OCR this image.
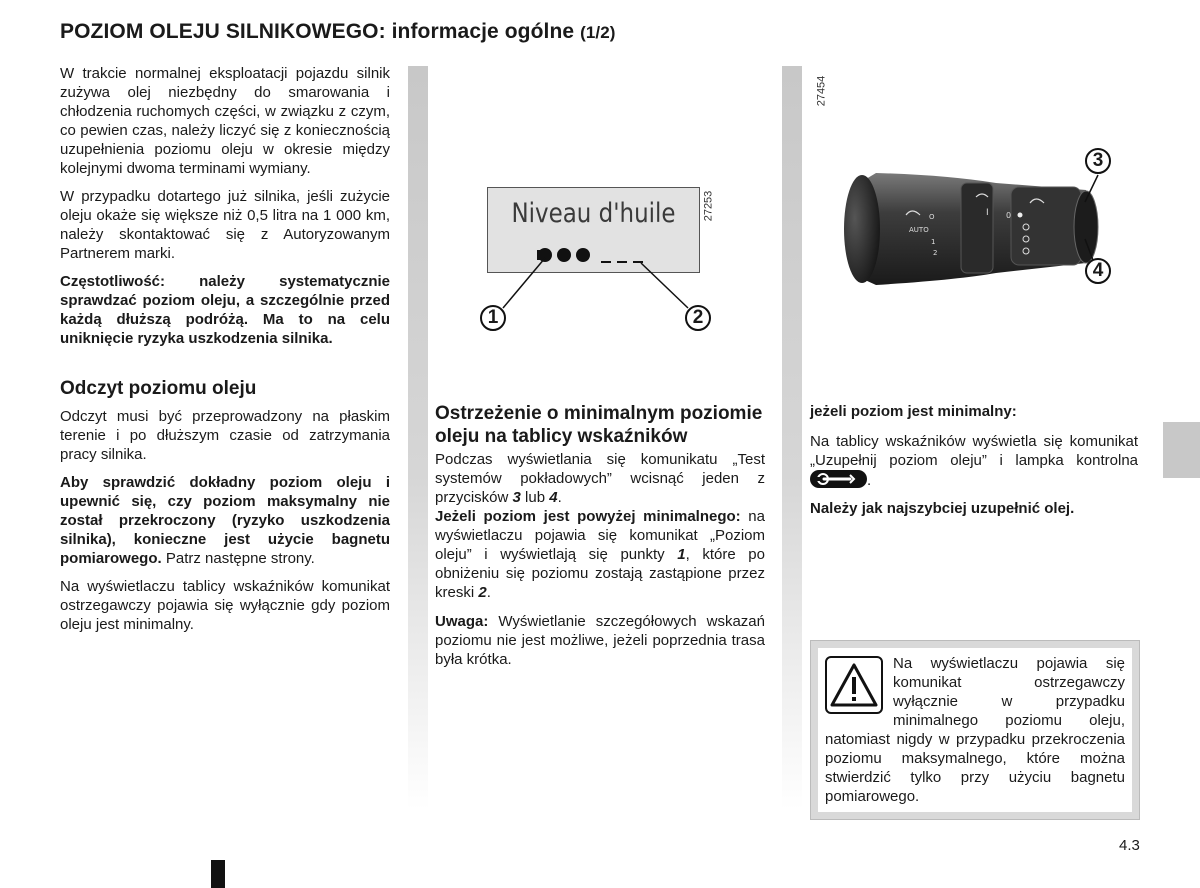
POZIOM OLEJU SILNIKOWEGO: informacje ogólne (1/2)

W trakcie normalnej eksploatacji pojazdu silnik zużywa olej niezbędny do smarowania i chłodzenia ruchomych części, w związku z czym, co pewien czas, należy liczyć się z koniecznością uzupełnienia poziomu oleju w okresie między kolejnymi dwoma terminami wymiany.

W przypadku dotartego już silnika, jeśli zużycie oleju okaże się większe niż 0,5 litra na 1 000 km, należy skontaktować się z Autoryzowanym Partnerem marki.

Częstotliwość: należy systematycznie sprawdzać poziom oleju, a szczególnie przed każdą dłuższą podróżą. Ma to na celu uniknięcie ryzyka uszkodzenia silnika.

Odczyt poziomu oleju

Odczyt musi być przeprowadzony na płaskim terenie i po dłuższym czasie od zatrzymania pracy silnika.

Aby sprawdzić dokładny poziom oleju i upewnić się, czy poziom maksymalny nie został przekroczony (ryzyko uszkodzenia silnika), konieczne jest użycie bagnetu pomiarowego. Patrz następne strony.

Na wyświetlaczu tablicy wskaźników komunikat ostrzegawczy pojawia się wyłącznie gdy poziom oleju jest minimalny.

27253
Niveau d'huile
1	2
27454
AUTO
O
1
2
I 0
3
4
Ostrzeżenie o minimalnym poziomie oleju na tablicy wskaźników

Podczas wyświetlania się komunikatu „Test systemów pokładowych” wcisnąć jeden z przycisków 3 lub 4.

Jeżeli poziom jest powyżej minimalnego: na wyświetlaczu pojawia się komunikat „Poziom oleju” i wyświetlają się punkty 1, które po obniżeniu się poziomu zostają zastąpione przez kreski 2.

Uwaga: Wyświetlanie szczegółowych wskazań poziomu nie jest możliwe, jeżeli poprzednia trasa była krótka.

jeżeli poziom jest minimalny:

Na tablicy wskaźników wyświetla się komunikat „Uzupełnij poziom oleju” i lampka kontrolna
.

Należy jak najszybciej uzupełnić olej.

Na wyświetlaczu pojawia się komunikat ostrzegawczy wyłącznie w przypadku minimalnego poziomu oleju, natomiast nigdy w przypadku przekroczenia poziomu maksymalnego, które można stwierdzić tylko przy użyciu bagnetu pomiarowego.
4.3
